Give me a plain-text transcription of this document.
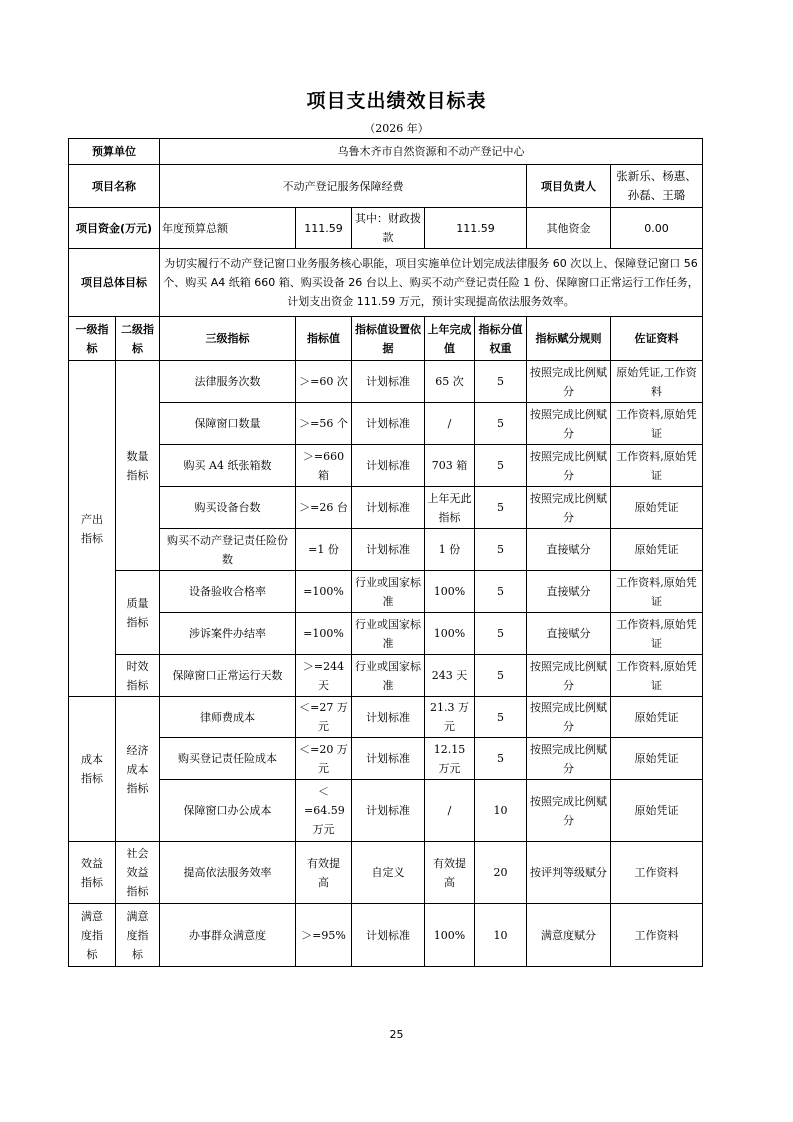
项目支出绩效目标表
（2026 年）
预算单位		乌鲁木齐市自然资源和不动产登记中心						
项目名称		不动产登记服务保障经费					项目负责人	张新乐、杨惠、孙磊、王璐
项目资金(万元)		年度预算总额	111.59	其中：财政拨款	111.59		其他资金	0.00
项目总体目标		为切实履行不动产登记窗口业务服务核心职能，项目实施单位计划完成法律服务 60 次以上、保障登记窗口 56 个、购买 A4 纸箱 660 箱、购买设备 26 台以上、购买不动产登记责任险 1 份、保障窗口正常运行工作任务，计划支出资金 111.59 万元，预计实现提高依法服务效率。						
一级指标	二级指标	三级指标	指标值	指标值设置依据	上年完成值	指标分值权重	指标赋分规则	佐证资料
产出指标	数量指标	法律服务次数	＞=60 次	计划标准	65 次	5	按照完成比例赋分	原始凭证,工作资料
		保障窗口数量	＞=56 个	计划标准	/	5	按照完成比例赋分	工作资料,原始凭证
		购买 A4 纸张箱数	＞=660 箱	计划标准	703 箱	5	按照完成比例赋分	工作资料,原始凭证
		购买设备台数	＞=26 台	计划标准	上年无此指标	5	按照完成比例赋分	原始凭证
		购买不动产登记责任险份数	=1 份	计划标准	1 份	5	直接赋分	原始凭证
	质量指标	设备验收合格率	=100%	行业或国家标准	100%	5	直接赋分	工作资料,原始凭证
		涉诉案件办结率	=100%	行业或国家标准	100%	5	直接赋分	工作资料,原始凭证
	时效指标	保障窗口正常运行天数	＞=244 天	行业或国家标准	243 天	5	按照完成比例赋分	工作资料,原始凭证
成本指标	经济成本指标	律师费成本	＜=27 万元	计划标准	21.3 万元	5	按照完成比例赋分	原始凭证
		购买登记责任险成本	＜=20 万元	计划标准	12.15 万元	5	按照完成比例赋分	原始凭证
		保障窗口办公成本	＜=64.59 万元	计划标准	/	10	按照完成比例赋分	原始凭证
效益指标	社会效益指标	提高依法服务效率	有效提高	自定义	有效提高	20	按评判等级赋分	工作资料
满意度指标	满意度指标	办事群众满意度	＞=95%	计划标准	100%	10	满意度赋分	工作资料
25
